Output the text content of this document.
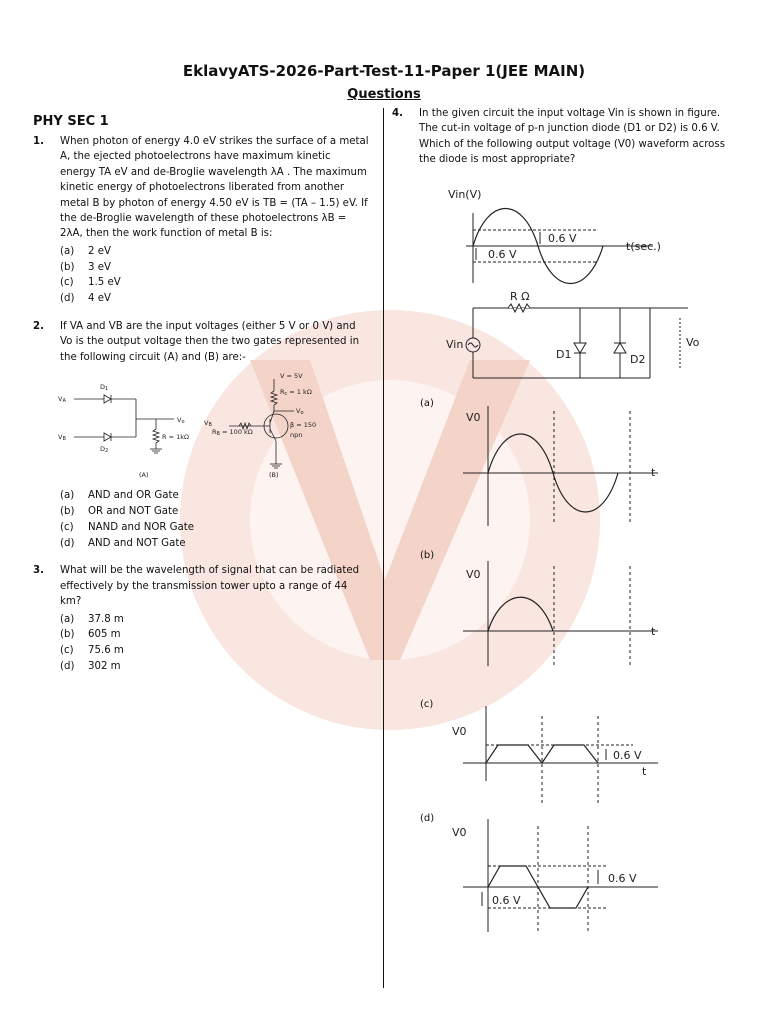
EklavyATS-2026-Part-Test-11-Paper 1(JEE MAIN)
Questions
PHY SEC 1
1. When photon of energy 4.0 eV strikes the surface of a metal A, the ejected photoelectrons have maximum kinetic energy TA eV and de-Broglie wavelength λA . The maximum kinetic energy of photoelectrons liberated from another metal B by photon of energy 4.50 eV is TB = (TA – 1.5) eV. If the de-Broglie wavelength of these photoelectrons λB = 2λA, then the work function of metal B is:
(a)	2 eV
(b)	3 eV
(c)	1.5 eV
(d)	4 eV
2. If VA and VB are the input voltages (either 5 V or 0 V) and Vo is the output voltage then the two gates represented in the following circuit (A) and (B) are:-
VA
VB
D1
D2
Vo
R = 1kΩ
V = 5V
Rc = 1 kΩ
Vo
VB
RB = 100 kΩ
β = 150
npn
(A)	(B)
(a)	AND and OR Gate
(b)	OR and NOT Gate
(c)	NAND and NOR Gate
(d)	AND and NOT Gate
3. What will be the wavelength of signal that can be radiated effectively by the transmission tower upto a range of 44 km?
(a)	37.8 m
(b)	605 m
(c)	75.6 m
(d)	302 m
4. In the given circuit the input voltage Vin is shown in figure. The cut-in voltage of p-n junction diode (D1 or D2) is 0.6 V. Which of the following output voltage (V0) waveform across the diode is most appropriate?
Vin(V)
t(sec.)
0.6 V
0.6 V
R Ω
Vin
D1	D2
Vo
(a)
V0
t
(b)
V0
t
(c)
V0
0.6 V
t
(d)
V0
0.6 V
0.6 V
